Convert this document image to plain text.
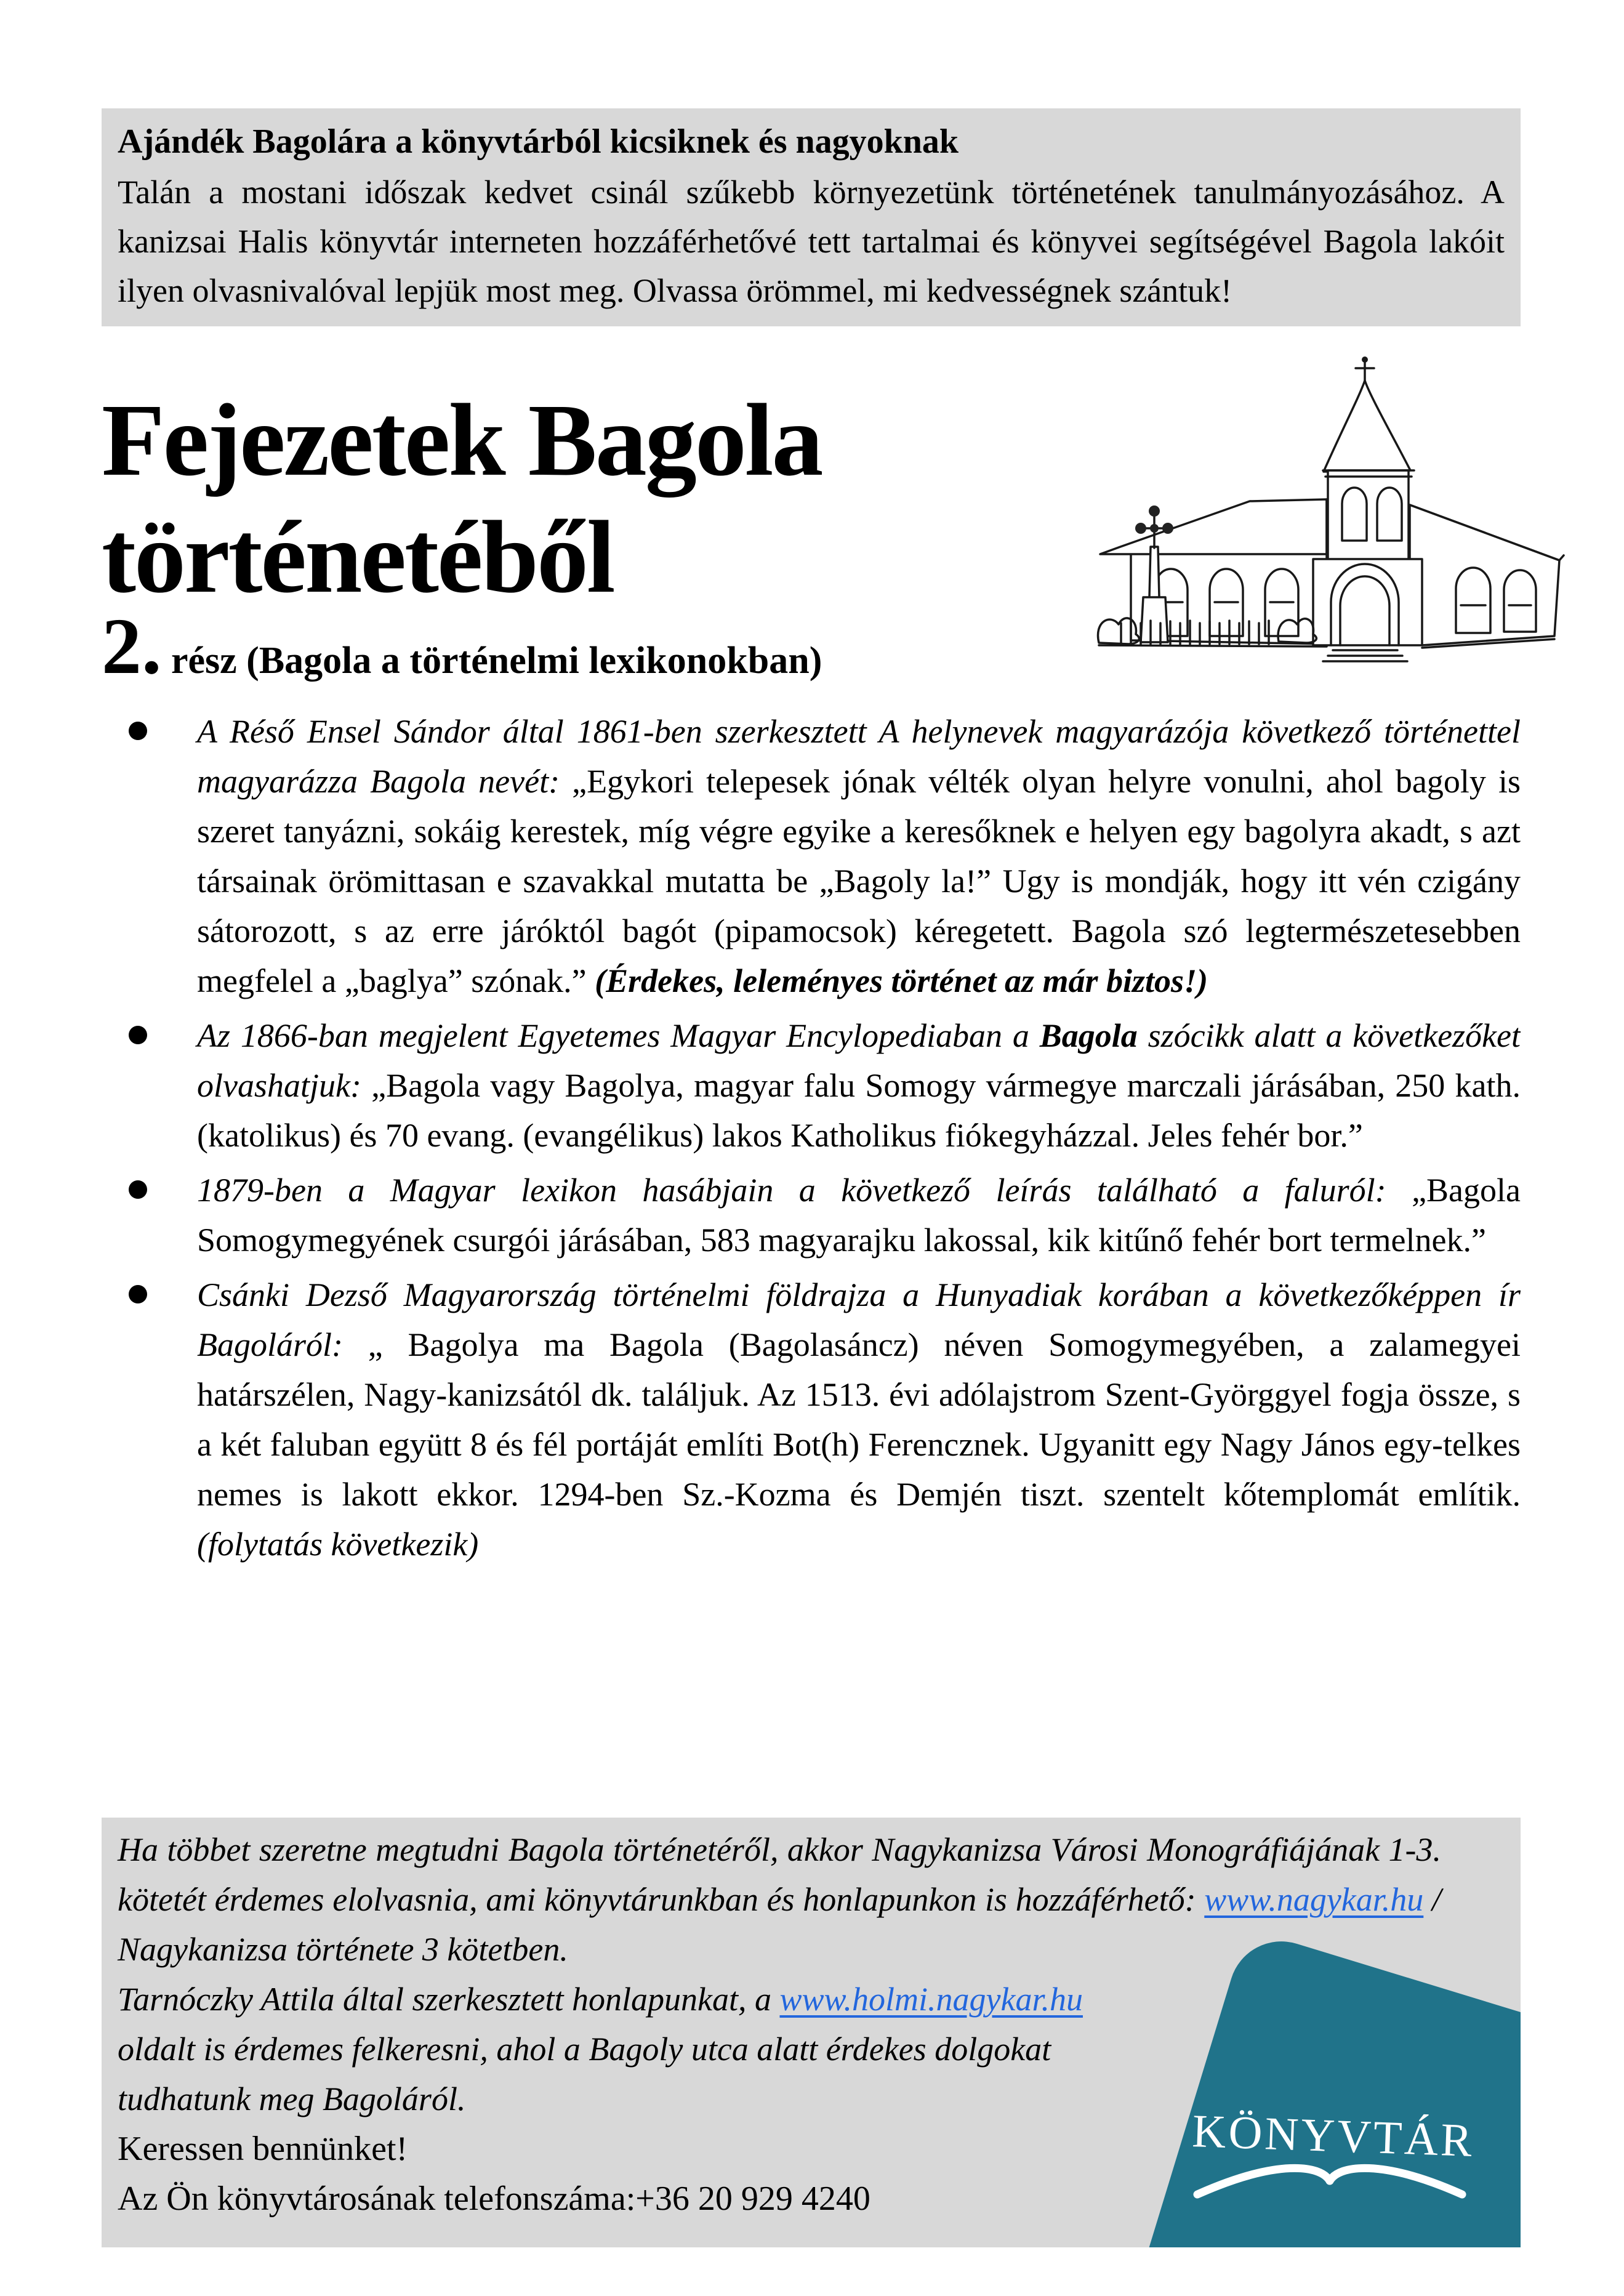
Ajándék Bagolára a könyvtárból kicsiknek és nagyoknak
Talán a mostani időszak kedvet csinál szűkebb környezetünk történetének tanulmányozásához. A kanizsai Halis könyvtár interneten hozzáférhetővé tett tartalmai és könyvei segítségével Bagola lakóit ilyen olvasnivalóval lepjük most meg. Olvassa örömmel, mi kedvességnek szántuk!
Fejezetek Bagola
történetéből
2. rész (Bagola a történelmi lexikonokban)
A Réső Ensel Sándor által 1861-ben szerkesztett A helynevek magyarázója következő történettel magyarázza Bagola nevét: „Egykori telepesek jónak vélték olyan helyre vonulni, ahol bagoly is szeret tanyázni, sokáig kerestek, míg végre egyike a keresőknek e helyen egy bagolyra akadt, s azt társainak örömittasan e szavakkal mutatta be „Bagoly la!” Ugy is mondják, hogy itt vén czigány sátorozott, s az erre járóktól bagót (pipamocsok) kéregetett. Bagola szó legtermészetesebben megfelel a „baglya” szónak.” (Érdekes, leleményes történet az már biztos!)
Az 1866-ban megjelent Egyetemes Magyar Encylopediaban a Bagola szócikk alatt a következőket olvashatjuk: „Bagola vagy Bagolya, magyar falu Somogy vármegye marczali járásában, 250 kath. (katolikus) és 70 evang. (evangélikus) lakos Katholikus fiókegyházzal. Jeles fehér bor.”
1879-ben a Magyar lexikon hasábjain a következő leírás található a faluról: „Bagola Somogymegyének csurgói járásában, 583 magyarajku lakossal, kik kitűnő fehér bort termelnek.”
Csánki Dezső Magyarország történelmi földrajza a Hunyadiak korában a következőképpen ír Bagoláról: „ Bagolya ma Bagola (Bagolasáncz) néven Somogymegyében, a zalamegyei határszélen, Nagy-kanizsától dk. találjuk. Az 1513. évi adólajstrom Szent-Györggyel fogja össze, s a két faluban együtt 8 és fél portáját említi Bot(h) Ferencznek. Ugyanitt egy Nagy János egy-telkes nemes is lakott ekkor. 1294-ben Sz.-Kozma és Demjén tiszt. szentelt kőtemplomát említik. (folytatás következik)

Ha többet szeretne megtudni Bagola történetéről, akkor Nagykanizsa Városi Monográfiájának 1-3. kötetét érdemes elolvasnia, ami könyvtárunkban és honlapunkon is hozzáférhető: www.nagykar.hu / Nagykanizsa története 3 kötetben.

Tarnóczky Attila által szerkesztett honlapunkat, a www.holmi.nagykar.hu oldalt is érdemes felkeresni, ahol a Bagoly utca alatt érdekes dolgokat tudhatunk meg Bagoláról.

Keressen bennünket!

Az Ön könyvtárosának telefonszáma:+36 20 929 4240

KÖNYVTÁR
